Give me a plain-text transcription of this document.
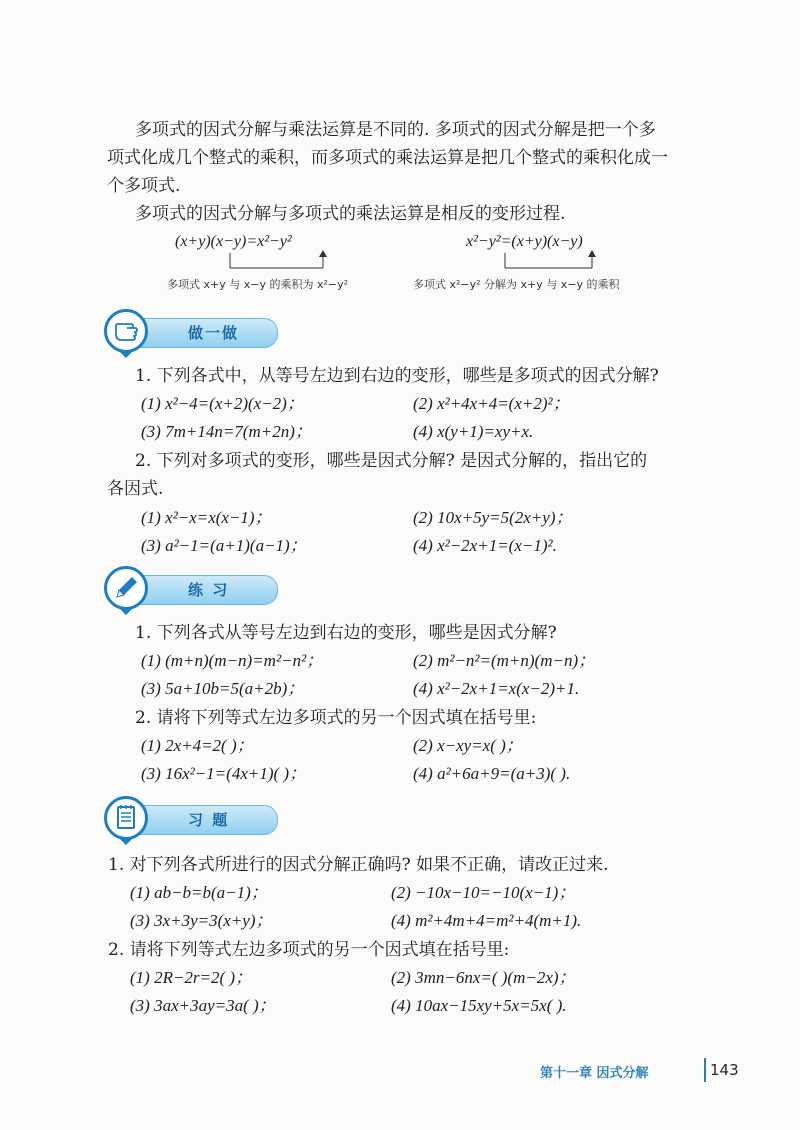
多项式的因式分解与乘法运算是不同的. 多项式的因式分解是把一个多
项式化成几个整式的乘积，而多项式的乘法运算是把几个整式的乘积化成一
个多项式.
多项式的因式分解与多项式的乘法运算是相反的变形过程.
(x+y)(x−y)=x²−y²	x²−y²=(x+y)(x−y)
多项式 x+y 与 x−y 的乘积为 x²−y²	多项式 x²−y² 分解为 x+y 与 x−y 的乘积
做一做
1. 下列各式中，从等号左边到右边的变形，哪些是多项式的因式分解?
(1) x²−4=(x+2)(x−2)；	(2) x²+4x+4=(x+2)²；
(3) 7m+14n=7(m+2n)；	(4) x(y+1)=xy+x.
2. 下列对多项式的变形，哪些是因式分解? 是因式分解的，指出它的
各因式.
(1) x²−x=x(x−1)；	(2) 10x+5y=5(2x+y)；
(3) a²−1=(a+1)(a−1)；	(4) x²−2x+1=(x−1)².
练 习
1. 下列各式从等号左边到右边的变形，哪些是因式分解?
(1) (m+n)(m−n)=m²−n²；	(2) m²−n²=(m+n)(m−n)；
(3) 5a+10b=5(a+2b)；	(4) x²−2x+1=x(x−2)+1.
2. 请将下列等式左边多项式的另一个因式填在括号里:
(1) 2x+4=2( )；	(2) x−xy=x( )；
(3) 16x²−1=(4x+1)( )；	(4) a²+6a+9=(a+3)( ).
习 题
1. 对下列各式所进行的因式分解正确吗? 如果不正确，请改正过来.
(1) ab−b=b(a−1)；	(2) −10x−10=−10(x−1)；
(3) 3x+3y=3(x+y)；	(4) m²+4m+4=m²+4(m+1).
2. 请将下列等式左边多项式的另一个因式填在括号里:
(1) 2R−2r=2( )；	(2) 3mn−6nx=( )(m−2x)；
(3) 3ax+3ay=3a( )；	(4) 10ax−15xy+5x=5x( ).
第十一章 因式分解	143
